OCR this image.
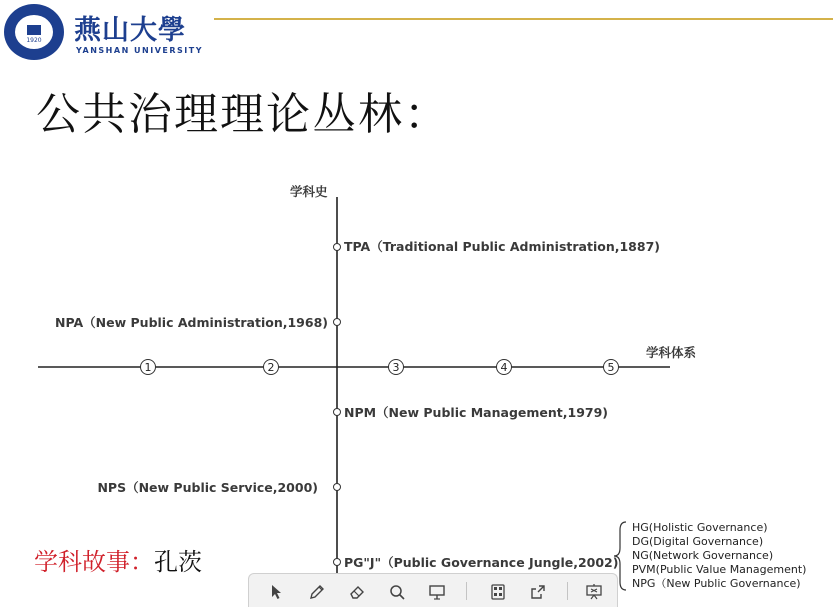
1920	燕山大學
YANSHAN UNIVERSITY
公共治理理论丛林：
学科史
学科体系
1	2	3	4	5
TPA（Traditional Public Administration,1887)
NPA（New Public Administration,1968)
NPM（New Public Management,1979)
NPS（New Public Service,2000)
PG"J"（Public Governance Jungle,2002)
HG(Holistic Governance)
DG(Digital Governance)
NG(Network Governance)
PVM(Public Value Management)
NPG（New Public Governance)
学科故事：孔茨
